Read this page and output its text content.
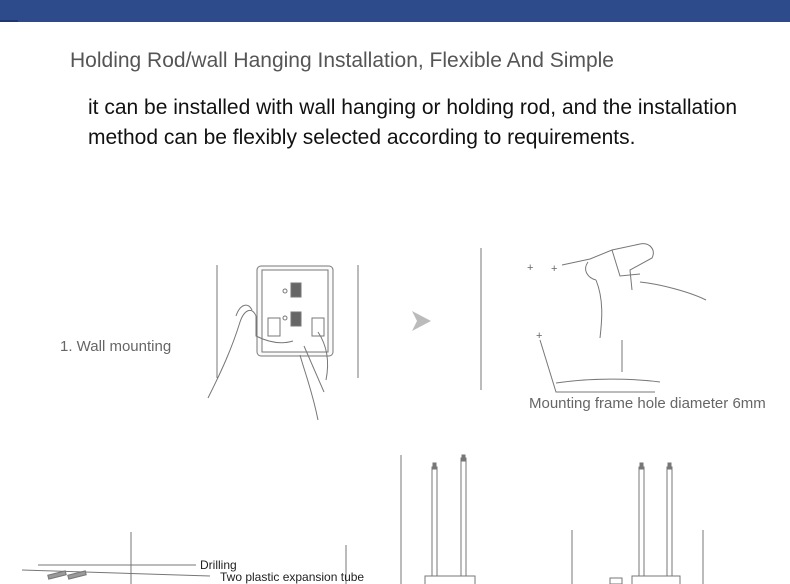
Holding Rod/wall Hanging Installation, Flexible And Simple
it can be installed with wall hanging or holding rod, and the installation method can be flexibly selected according to requirements.
+ +
+
1. Wall mounting
Mounting frame hole diameter 6mm
Drilling
Two plastic expansion tube
